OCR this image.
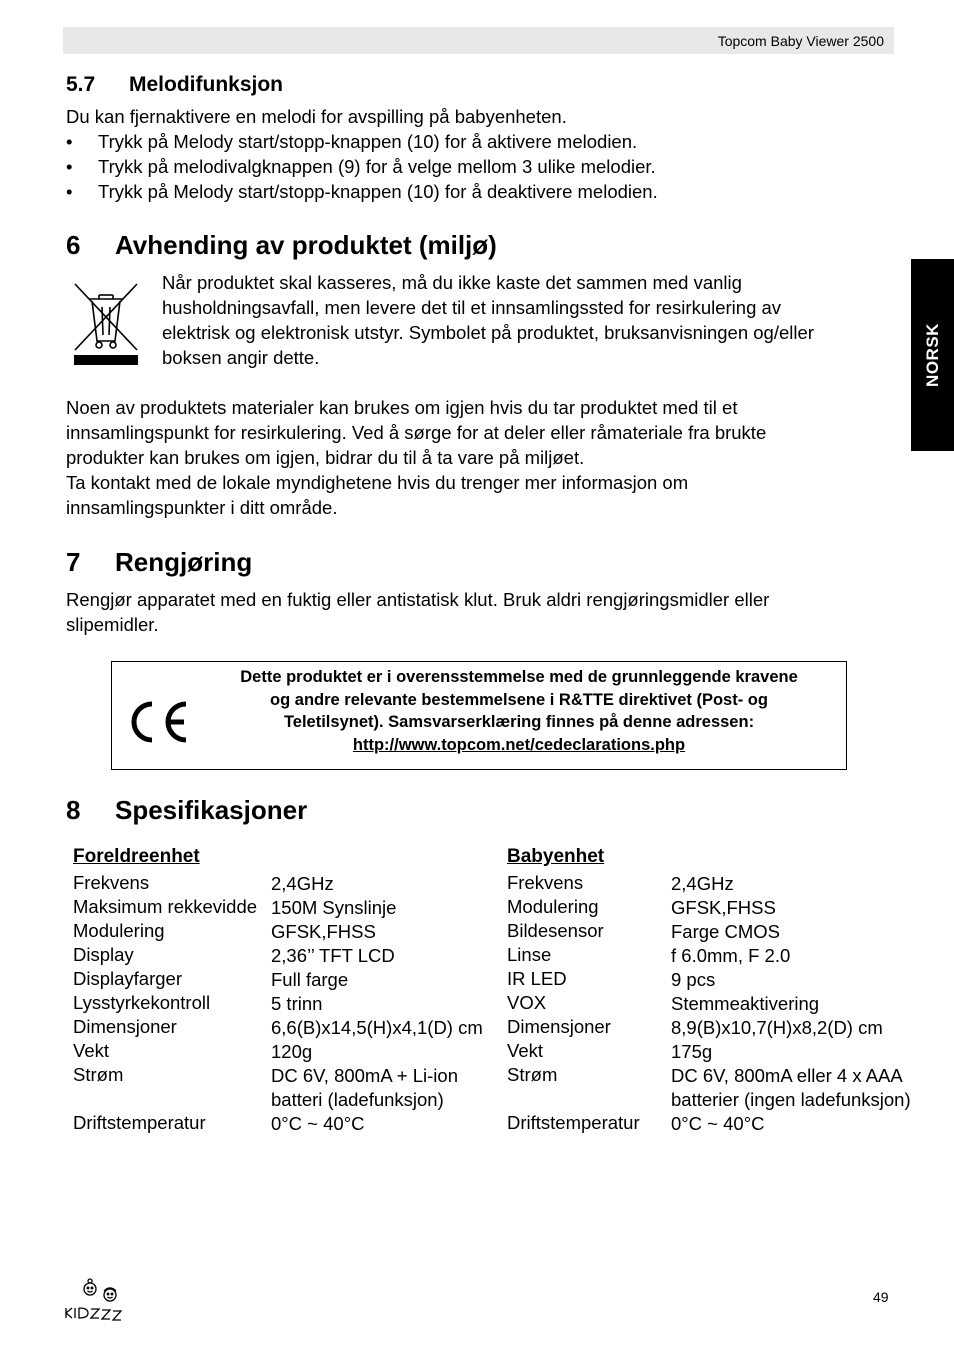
Topcom Baby Viewer 2500
NORSK
5.7 Melodifunksjon
Du kan fjernaktivere en melodi for avspilling på babyenheten.
• Trykk på Melody start/stopp-knappen (10) for å aktivere melodien.
• Trykk på melodivalgknappen (9) for å velge mellom 3 ulike melodier.
• Trykk på Melody start/stopp-knappen (10) for å deaktivere melodien.
6 Avhending av produktet (miljø)
Når produktet skal kasseres, må du ikke kaste det sammen med vanlig
husholdningsavfall, men levere det til et innsamlingssted for resirkulering av
elektrisk og elektronisk utstyr. Symbolet på produktet, bruksanvisningen og/eller
boksen angir dette.
Noen av produktets materialer kan brukes om igjen hvis du tar produktet med til et
innsamlingspunkt for resirkulering. Ved å sørge for at deler eller råmateriale fra brukte
produkter kan brukes om igjen, bidrar du til å ta vare på miljøet.
Ta kontakt med de lokale myndighetene hvis du trenger mer informasjon om
innsamlingspunkter i ditt område.
7 Rengjøring
Rengjør apparatet med en fuktig eller antistatisk klut. Bruk aldri rengjøringsmidler eller
slipemidler.
Dette produktet er i overensstemmelse med de grunnleggende kravene
og andre relevante bestemmelsene i R&TTE direktivet (Post- og
Teletilsynet). Samsvarserklæring finnes på denne adressen:
http://www.topcom.net/cedeclarations.php
8 Spesifikasjoner
Foreldreenhet	Babyenhet
Frekvens	2,4GHz
Maksimum rekkevidde 150M Synslinje
Modulering	GFSK,FHSS
Display	2,36’’ TFT LCD
Displayfarger	Full farge
Lysstyrkekontroll	5 trinn
Dimensjoner	6,6(B)x14,5(H)x4,1(D) cm
Vekt	120g
Strøm	DC 6V, 800mA + Li-ion
batteri (ladefunksjon)
Driftstemperatur	0°C ~ 40°C
Frekvens	2,4GHz
Modulering	GFSK,FHSS
Bildesensor	Farge CMOS
Linse	f 6.0mm, F 2.0
IR LED	9 pcs
VOX	Stemmeaktivering
Dimensjoner	8,9(B)x10,7(H)x8,2(D) cm
Vekt	175g
Strøm	DC 6V, 800mA eller 4 x AAA
batterier (ingen ladefunksjon)
Driftstemperatur 0°C ~ 40°C
49
